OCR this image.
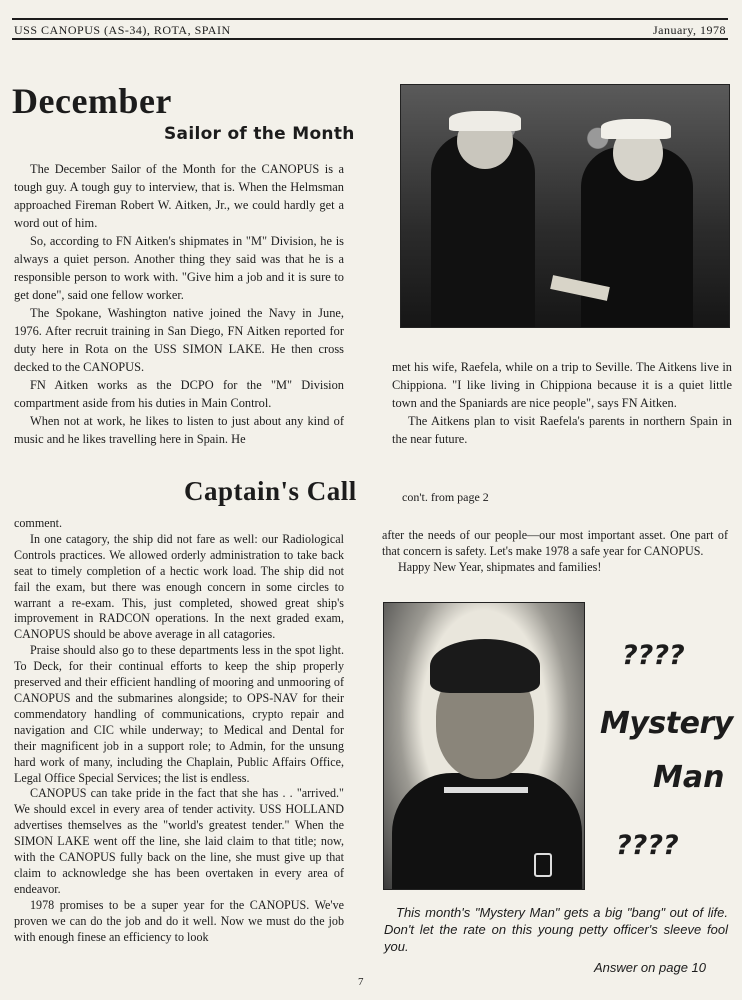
USS CANOPUS (AS-34), ROTA, SPAIN	January, 1978
December
Sailor of the Month

The December Sailor of the Month for the CANOPUS is a tough guy. A tough guy to interview, that is. When the Helmsman approached Fireman Robert W. Aitken, Jr., we could hardly get a word out of him.

So, according to FN Aitken's shipmates in "M" Division, he is always a quiet person. Another thing they said was that he is a responsible person to work with. "Give him a job and it is sure to get done", said one fellow worker.

The Spokane, Washington native joined the Navy in June, 1976. After recruit training in San Diego, FN Aitken reported for duty here in Rota on the USS SIMON LAKE. He then cross decked to the CANOPUS.

FN Aitken works as the DCPO for the "M" Division compartment aside from his duties in Main Control.

When not at work, he likes to listen to just about any kind of music and he likes travelling here in Spain. He

met his wife, Raefela, while on a trip to Seville. The Aitkens live in Chippiona. "I like living in Chippiona because it is a quiet little town and the Spaniards are nice people", says FN Aitken.

The Aitkens plan to visit Raefela's parents in northern Spain in the near future.

Captain's Call	con't. from page 2

comment.

In one catagory, the ship did not fare as well: our Radiological Controls practices. We allowed orderly administration to take back seat to timely completion of a hectic work load. The ship did not fail the exam, but there was enough concern in some circles to warrant a re-exam. This, just completed, showed great ship's improvement in RADCON operations. In the next graded exam, CANOPUS should be above average in all catagories.

Praise should also go to these departments less in the spot light. To Deck, for their continual efforts to keep the ship properly preserved and their efficient handling of mooring and unmooring of CANOPUS and the submarines alongside; to OPS-NAV for their commendatory handling of communications, crypto repair and navigation and CIC while underway; to Medical and Dental for their magnificent job in a support role; to Admin, for the unsung hard work of many, including the Chaplain, Public Affairs Office, Legal Office Special Services; the list is endless.

CANOPUS can take pride in the fact that she has . . "arrived." We should excel in every area of tender activity. USS HOLLAND advertises themselves as the "world's greatest tender." When the SIMON LAKE went off the line, she laid claim to that title; now, with the CANOPUS fully back on the line, she must give up that claim to acknowledge she has been overtaken in every area of endeavor.

1978 promises to be a super year for the CANOPUS. We've proven we can do the job and do it well. Now we must do the job with enough finese an efficiency to look

after the needs of our people—our most important asset. One part of that concern is safety. Let's make 1978 a safe year for CANOPUS.

Happy New Year, shipmates and families!

????
Mystery
Man
????
This month's "Mystery Man" gets a big "bang" out of life. Don't let the rate on this young petty officer's sleeve fool you.
Answer on page 10
7
